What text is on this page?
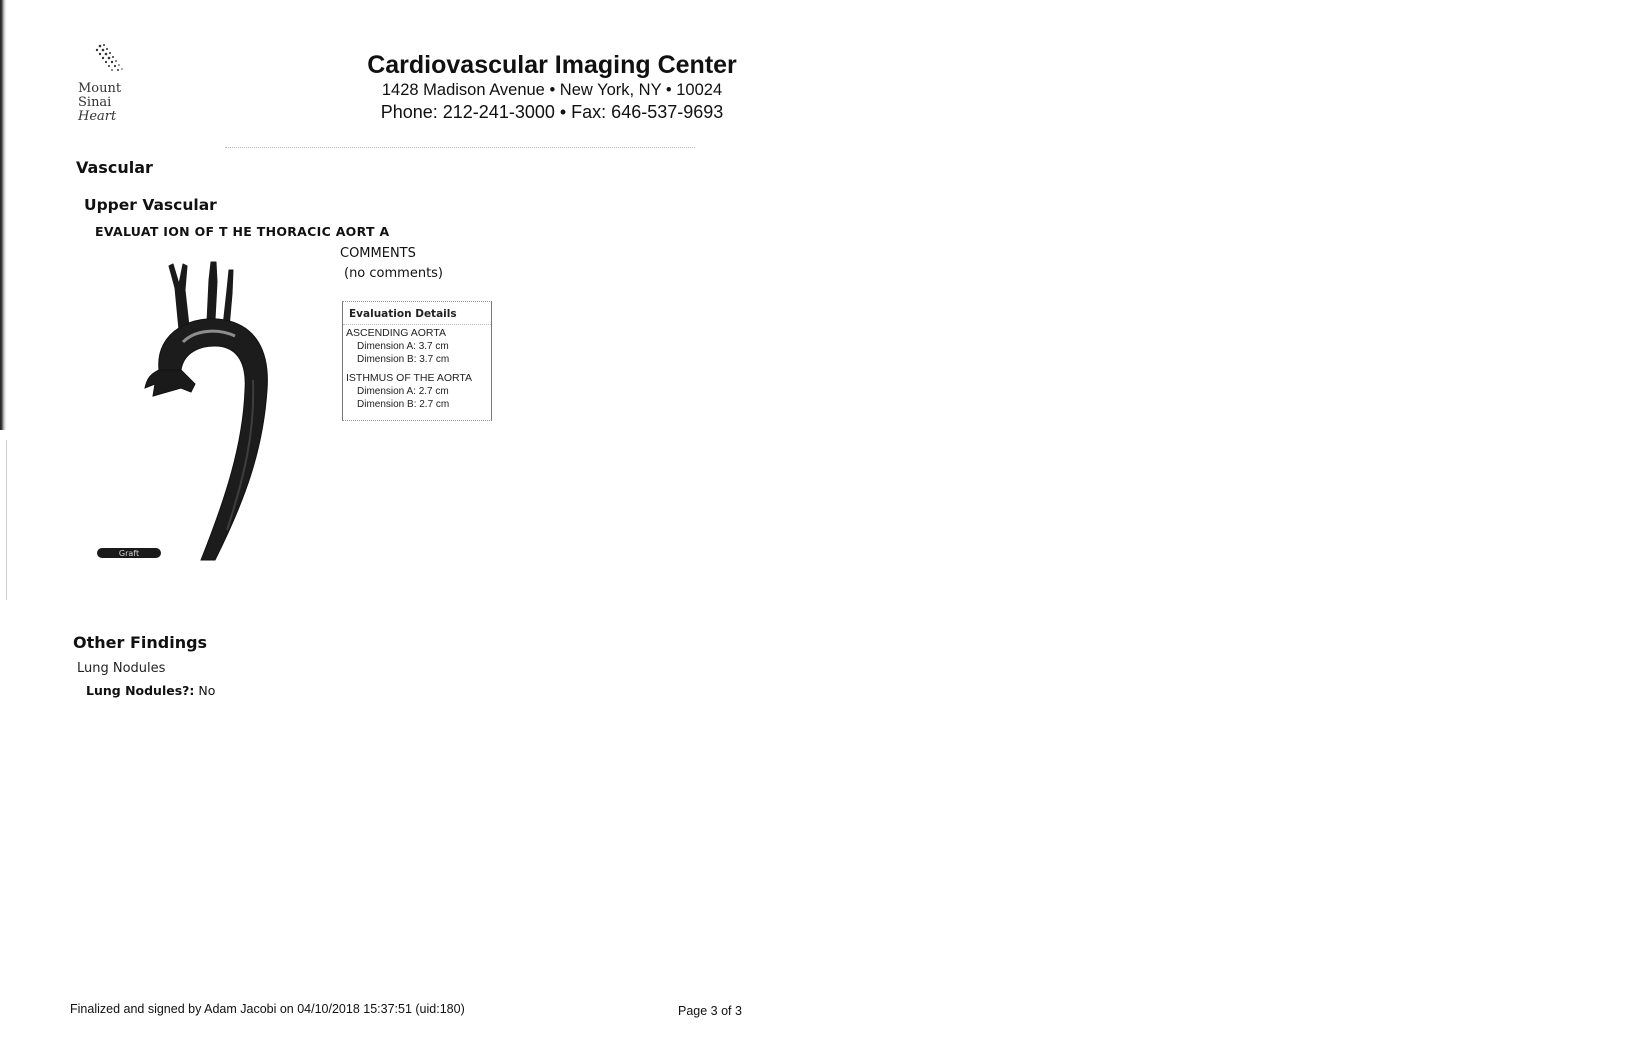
Mount
Sinai
Heart
Cardiovascular Imaging Center
1428 Madison Avenue • New York, NY • 10024
Phone: 212-241-3000 • Fax: 646-537-9693
Vascular
Upper Vascular
EVALUAT ION OF T HE THORACIC AORT A
Graft
COMMENTS
(no comments)
Evaluation Details
ASCENDING AORTA
Dimension A: 3.7 cm
Dimension B: 3.7 cm
ISTHMUS OF THE AORTA
Dimension A: 2.7 cm
Dimension B: 2.7 cm
Other Findings
Lung Nodules
Lung Nodules?: No
Finalized and signed by Adam Jacobi on 04/10/2018 15:37:51 (uid:180)	Page 3 of 3
